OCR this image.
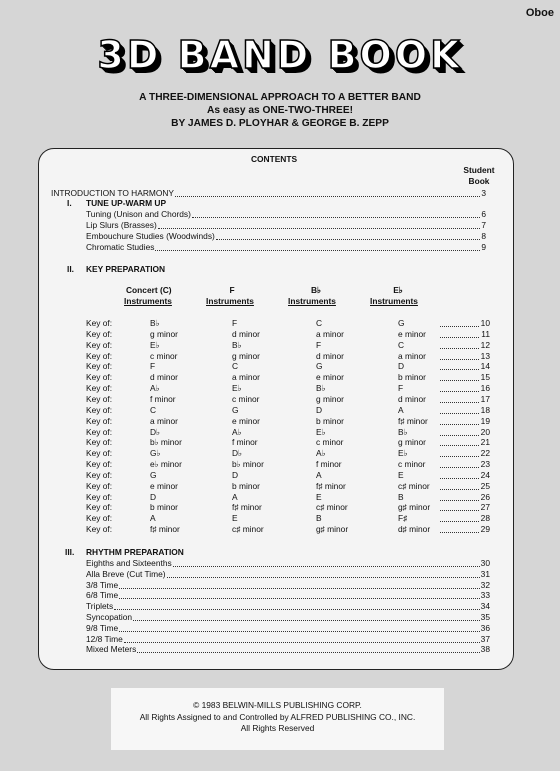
Oboe
3D BAND BOOK
A THREE-DIMENSIONAL APPROACH TO A BETTER BAND
As easy as ONE-TWO-THREE!
BY JAMES D. PLOYHAR & GEORGE B. ZEPP
CONTENTS
Student
Book
INTRODUCTION TO HARMONY	3
I. TUNE UP-WARM UP
Tuning (Unison and Chords)	6
Lip Slurs (Brasses)	7
Embouchure Studies (Woodwinds)	8
Chromatic Studies	9
II. KEY PREPARATION
Concert (C)
Instruments
F
Instruments
B♭
Instruments
E♭
Instruments
Key of:	B♭	F	C	G	10
Key of:	g minor	d minor	a minor	e minor	11
Key of:	E♭	B♭	F	C	12
Key of:	c minor	g minor	d minor	a minor	13
Key of:	F	C	G	D	14
Key of:	d minor	a minor	e minor	b minor	15
Key of:	A♭	E♭	B♭	F	16
Key of:	f minor	c minor	g minor	d minor	17
Key of:	C	G	D	A	18
Key of:	a minor	e minor	b minor	f♯ minor	19
Key of:	D♭	A♭	E♭	B♭	20
Key of:	b♭ minor	f minor	c minor	g minor	21
Key of:	G♭	D♭	A♭	E♭	22
Key of:	e♭ minor	b♭ minor	f minor	c minor	23
Key of:	G	D	A	E	24
Key of:	e minor	b minor	f♯ minor	c♯ minor	25
Key of:	D	A	E	B	26
Key of:	b minor	f♯ minor	c♯ minor	g♯ minor	27
Key of:	A	E	B	F♯	28
Key of:	f♯ minor	c♯ minor	g♯ minor	d♯ minor	29
III. RHYTHM PREPARATION
Eighths and Sixteenths	30
Alla Breve (Cut Time)	31
3/8 Time	32
6/8 Time	33
Triplets	34
Syncopation	35
9/8 Time	36
12/8 Time	37
Mixed Meters	38
© 1983 BELWIN-MILLS PUBLISHING CORP.
All Rights Assigned to and Controlled by ALFRED PUBLISHING CO., INC.
All Rights Reserved
